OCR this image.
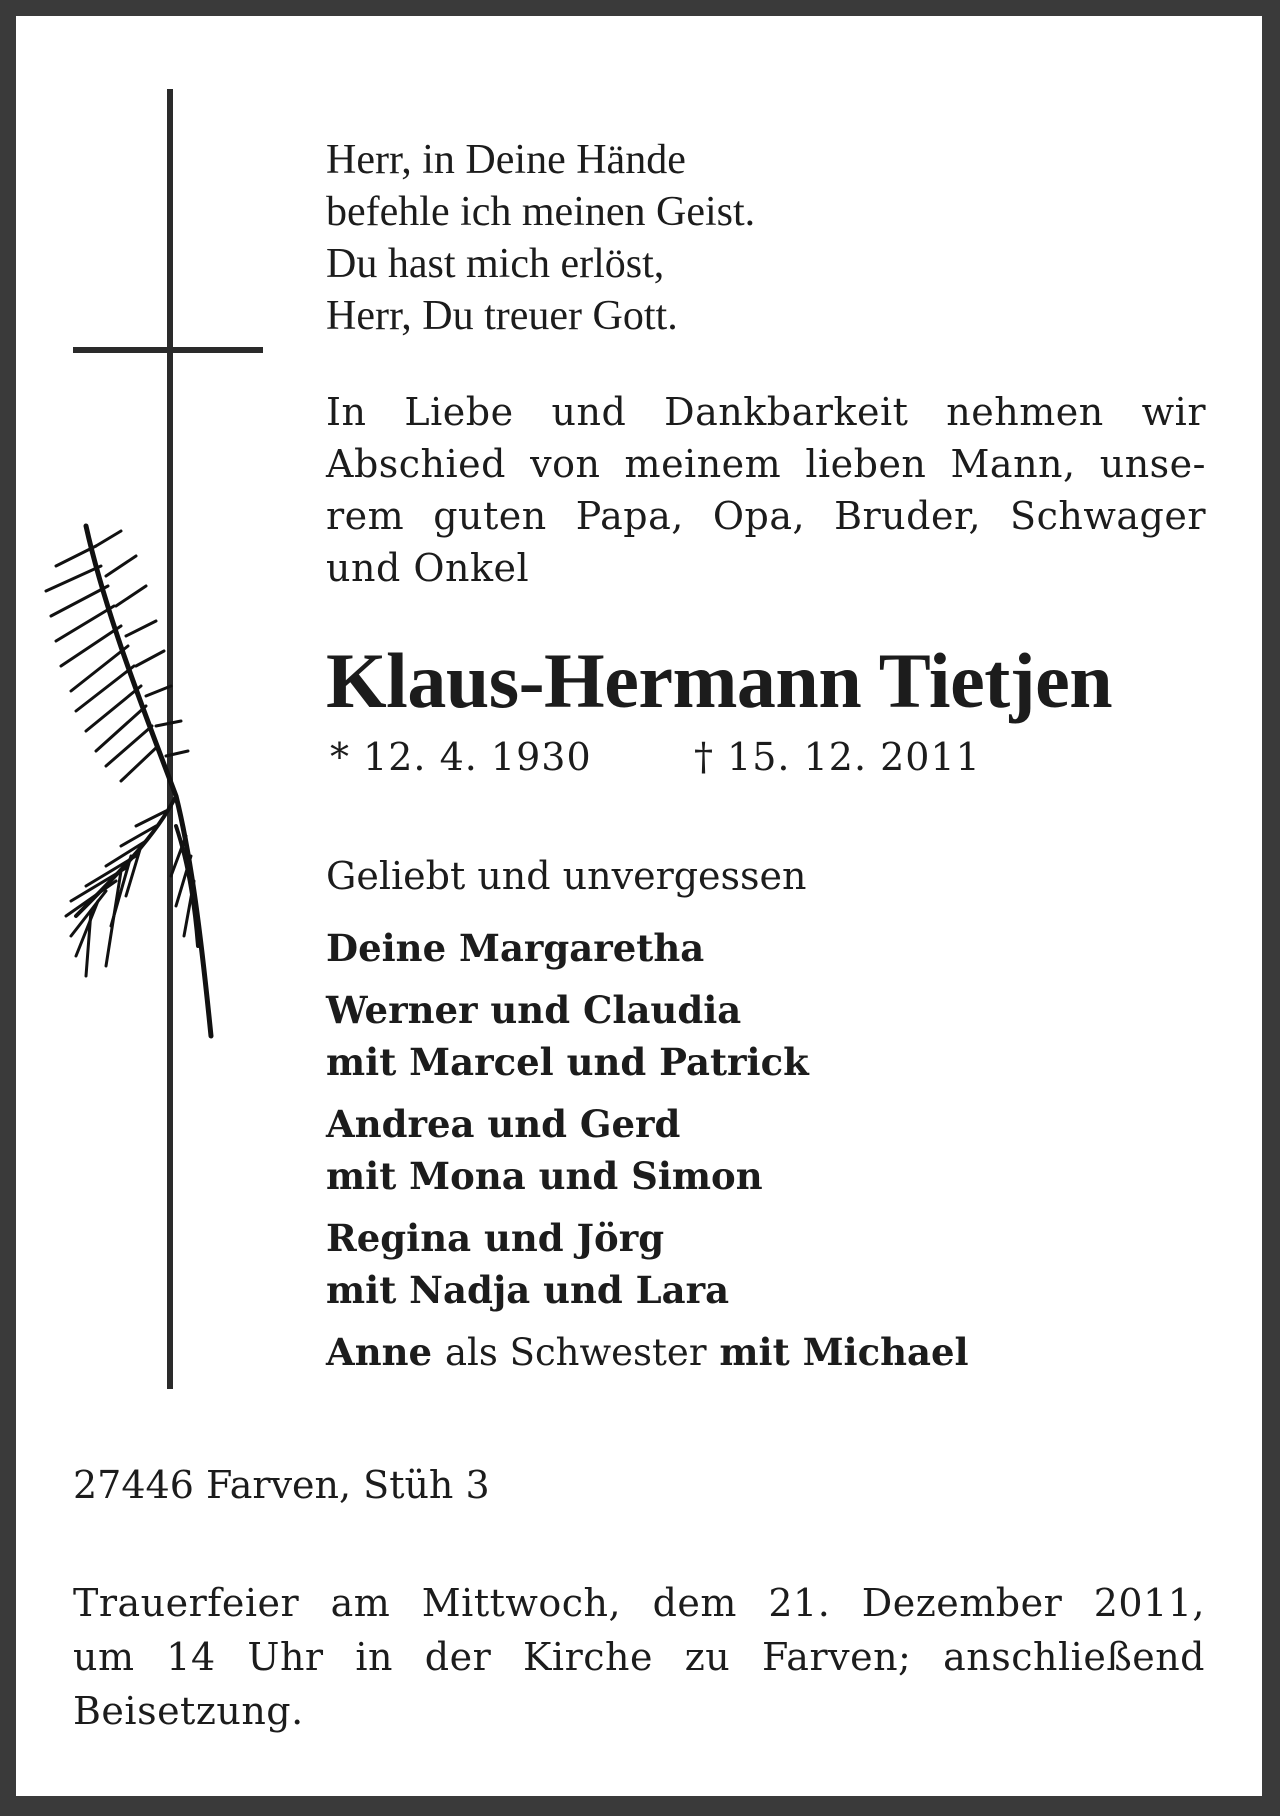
Herr, in Deine Hände
befehle ich meinen Geist.
Du hast mich erlöst,
Herr, Du treuer Gott.
In Liebe und Dankbarkeit nehmen wir
Abschied von meinem lieben Mann, unse-
rem guten Papa, Opa, Bruder, Schwager
und Onkel
Klaus-Hermann Tietjen
* 12. 4. 1930	† 15. 12. 2011
Geliebt und unvergessen
Deine Margaretha
Werner und Claudia
mit Marcel und Patrick
Andrea und Gerd
mit Mona und Simon
Regina und Jörg
mit Nadja und Lara
Anne als Schwester mit Michael
27446 Farven, Stüh 3
Trauerfeier am Mittwoch, dem 21. Dezember 2011,
um 14 Uhr in der Kirche zu Farven; anschließend
Beisetzung.
